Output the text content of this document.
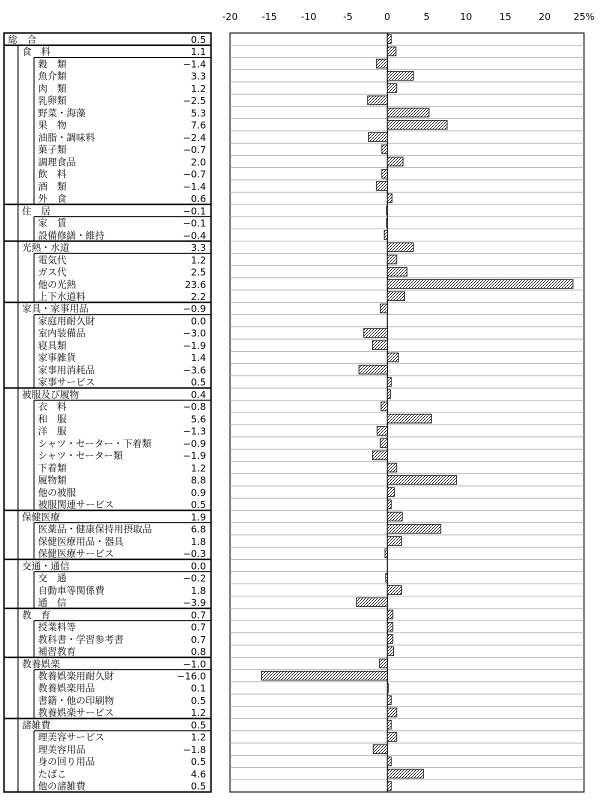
総　合	0.5
食　料	1.1
穀　類	−1.4
魚介類	3.3
肉　類	1.2
乳卵類	−2.5
野菜・海藻	5.3
果　物	7.6
油脂・調味料	−2.4
菓子類	−0.7
調理食品	2.0
飲　料	−0.7
酒　類	−1.4
外　食	0.6
住　居	−0.1
家　賃	−0.1
設備修繕・維持	−0.4
光熱・水道	3.3
電気代	1.2
ガス代	2.5
他の光熱	23.6
上下水道料	2.2
家具・家事用品	−0.9
家庭用耐久財	0.0
室内装備品	−3.0
寝具類	−1.9
家事雑貨	1.4
家事用消耗品	−3.6
家事サービス	0.5
被服及び履物	0.4
衣　料	−0.8
和　服	5.6
洋　服	−1.3
シャツ・セーター・下着類	−0.9
シャツ・セーター類	−1.9
下着類	1.2
履物類	8.8
他の被服	0.9
被服関連サービス	0.5
保健医療	1.9
医薬品・健康保持用摂取品	6.8
保健医療用品・器具	1.8
保健医療サービス	−0.3
交通・通信	0.0
交　通	−0.2
自動車等関係費	1.8
通　信	−3.9
教　育	0.7
授業料等	0.7
教科書・学習参考書	0.7
補習教育	0.8
教養娯楽	−1.0
教養娯楽用耐久財	−16.0
教養娯楽用品	0.1
書籍・他の印刷物	0.5
教養娯楽サービス	1.2
諸雑費	0.5
理美容サービス	1.2
理美容用品	−1.8
身の回り用品	0.5
たばこ	4.6
他の諸雑費	0.5
-20	-15	-10	-5	0	5	10	15	20 25%
